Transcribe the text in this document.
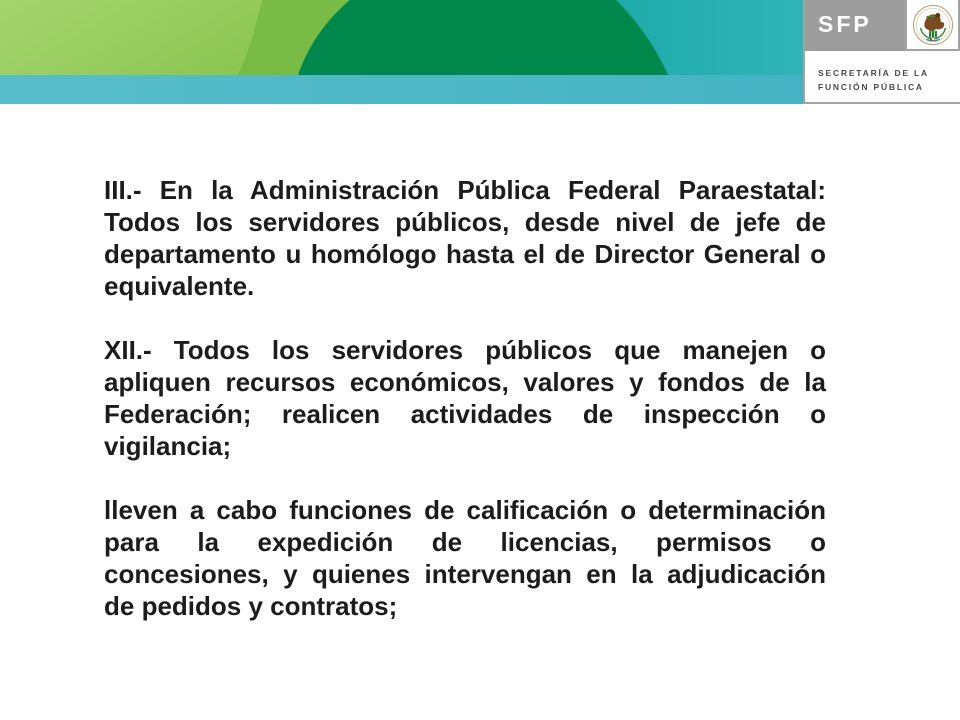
SFP
SECRETARÍA DE LA
FUNCIÓN PÚBLICA
III.- En la Administración Pública Federal Paraestatal:
Todos los servidores públicos, desde nivel de jefe de
departamento u homólogo hasta el de Director General o
equivalente.
XII.- Todos los servidores públicos que manejen o
apliquen recursos económicos, valores y fondos de la
Federación; realicen actividades de inspección o
vigilancia;
lleven a cabo funciones de calificación o determinación
para la expedición de licencias, permisos o
concesiones, y quienes intervengan en la adjudicación
de pedidos y contratos;
